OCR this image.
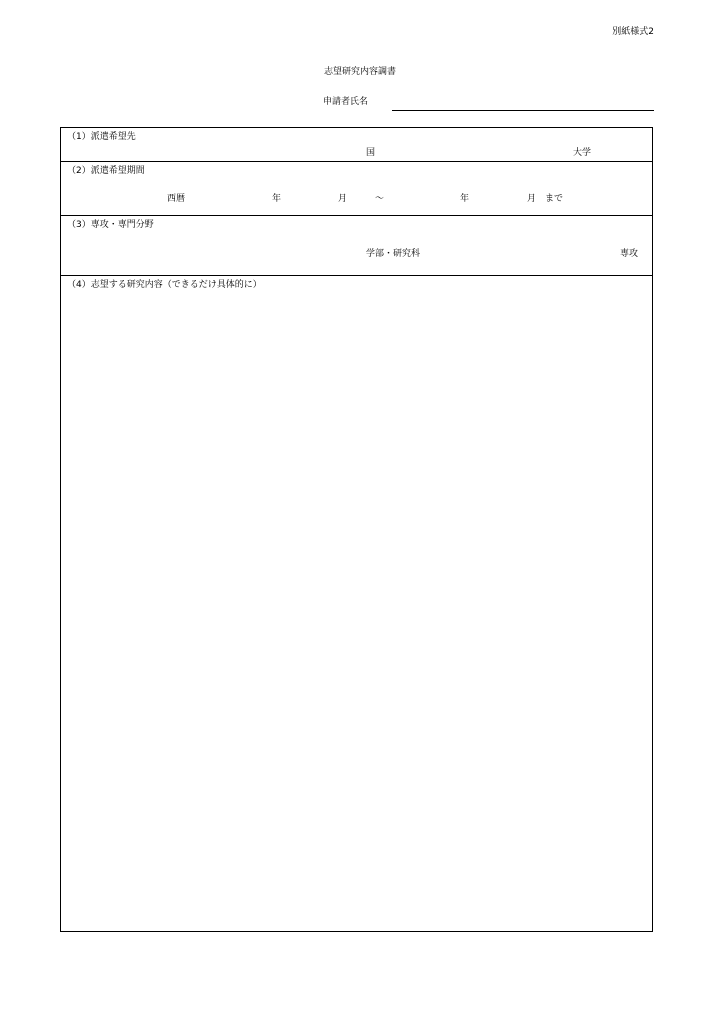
別紙様式2
志望研究内容調書
申請者氏名
（1）派遣希望先
国	大学
（2）派遣希望期間
西暦	年	月	～	年	月 まで
（3）専攻・専門分野
学部・研究科	専攻
（4）志望する研究内容（できるだけ具体的に）
